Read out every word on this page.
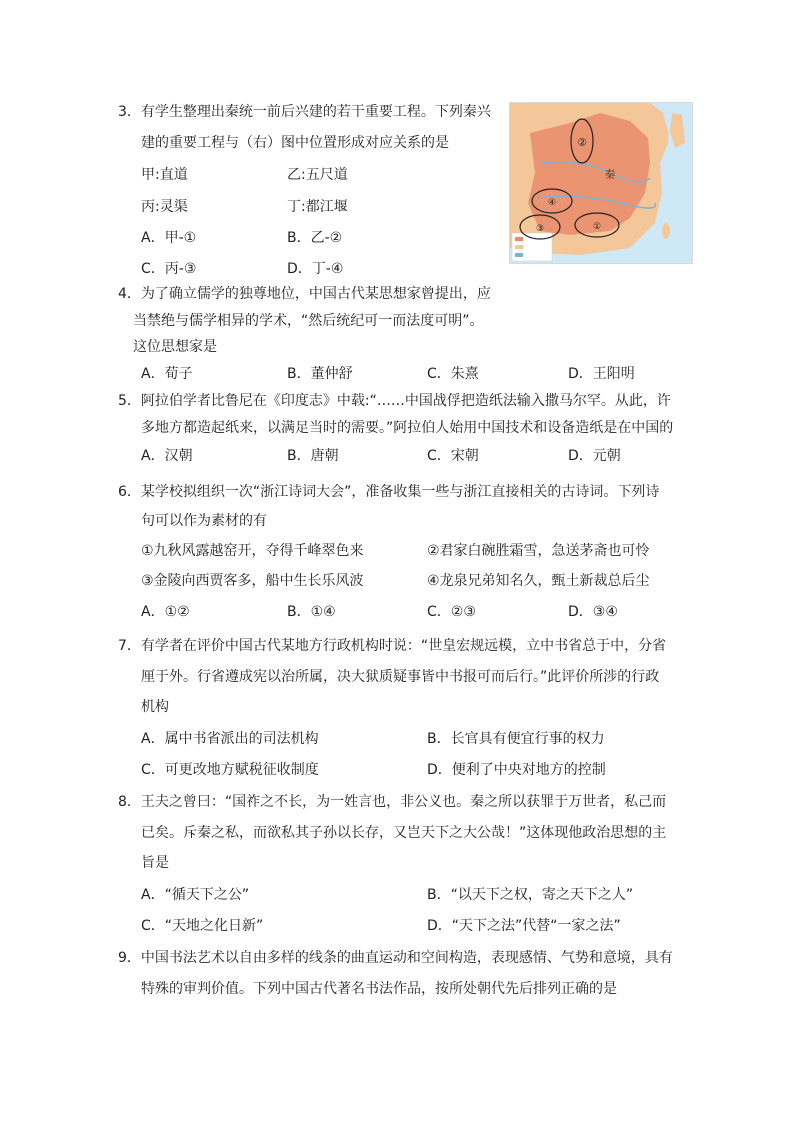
3．有学生整理出秦统一前后兴建的若干重要工程。下列秦兴
建的重要工程与（右）图中位置形成对应关系的是
甲:直道	乙:五尺道
丙:灵渠	丁:都江堰
A．甲-①	B．乙-②
C．丙-③	D．丁-④
②
④
③	①
秦
4．为了确立儒学的独尊地位，中国古代某思想家曾提出，应
当禁绝与儒学相异的学术，“然后统纪可一而法度可明”。
这位思想家是
A．荀子	B．董仲舒	C．朱熹	D．王阳明
5．阿拉伯学者比鲁尼在《印度志》中载:“……中国战俘把造纸法输入撒马尔罕。从此，许
多地方都造起纸来，以满足当时的需要。”阿拉伯人始用中国技术和设备造纸是在中国的
A．汉朝	B．唐朝	C．宋朝	D．元朝
6．某学校拟组织一次“浙江诗词大会”，准备收集一些与浙江直接相关的古诗词。下列诗
句可以作为素材的有
①九秋风露越窑开，夺得千峰翠色来	②君家白碗胜霜雪，急送茅斋也可怜
③金陵向西贾客多，船中生长乐风波	④龙泉兄弟知名久，甄土新裁总后尘
A．①②	B．①④	C．②③	D．③④
7．有学者在评价中国古代某地方行政机构时说：“世皇宏规远模，立中书省总于中，分省
厘于外。行省遵成宪以治所属，决大狱质疑事皆中书报可而后行。”此评价所涉的行政
机构
A．属中书省派出的司法机构	B．长官具有便宜行事的权力
C．可更改地方赋税征收制度	D．便利了中央对地方的控制
8．王夫之曾曰：“国祚之不长，为一姓言也，非公义也。秦之所以获罪于万世者，私己而
已矣。斥秦之私，而欲私其子孙以长存，又岂天下之大公哉！”这体现他政治思想的主
旨是
A．“循天下之公”	B．“以天下之权，寄之天下之人”
C．“天地之化日新”	D．“天下之法”代替“一家之法”
9．中国书法艺术以自由多样的线条的曲直运动和空间构造，表现感情、气势和意境，具有
特殊的审判价值。下列中国古代著名书法作品，按所处朝代先后排列正确的是
